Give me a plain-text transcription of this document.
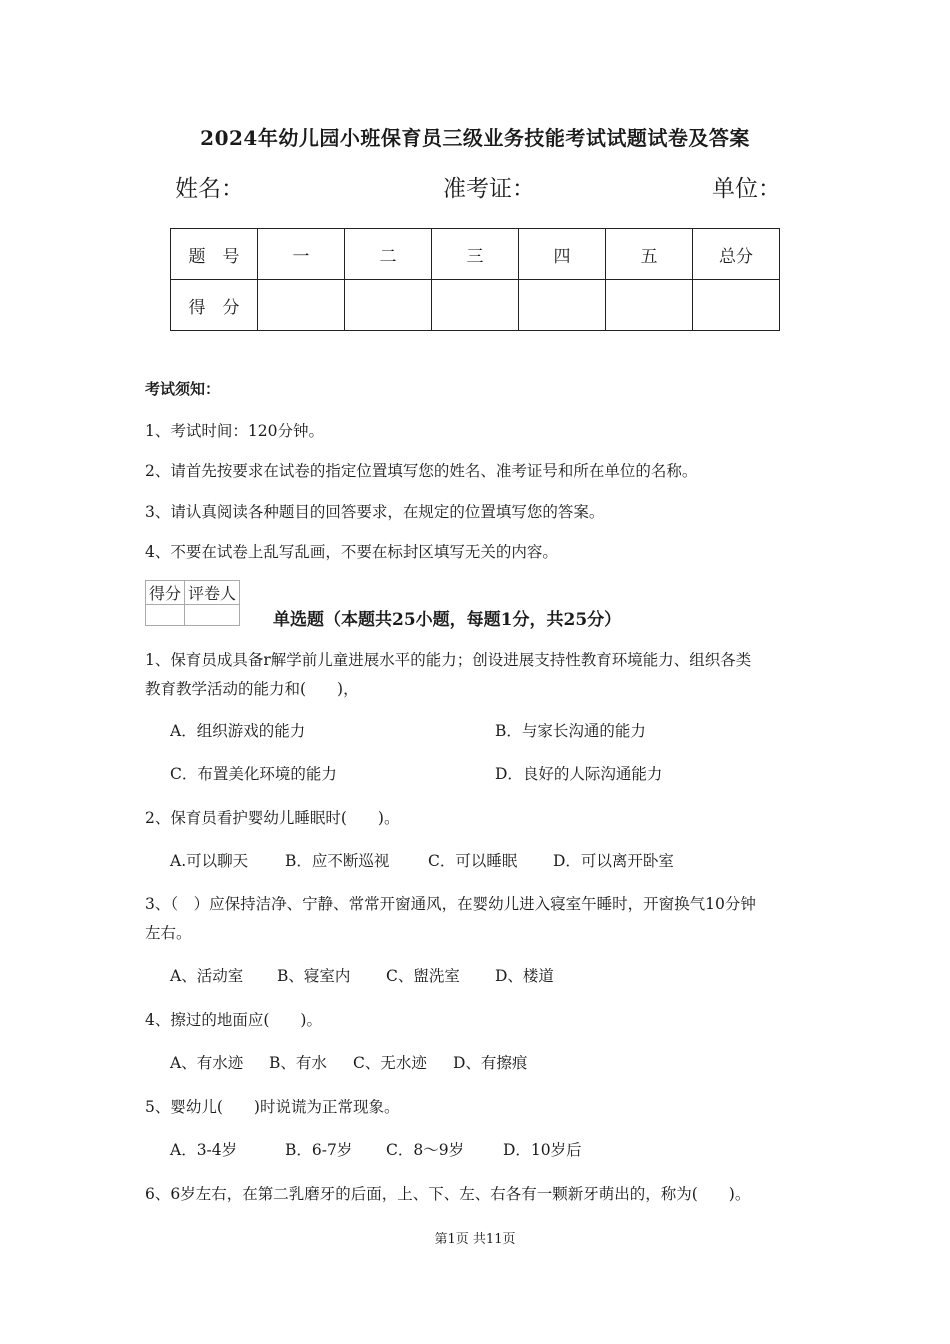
2024年幼儿园小班保育员三级业务技能考试试题试卷及答案
姓名：	准考证：	单位：
题　号	一	二	三	四	五	总分
得　分						
考试须知：
1、考试时间：120分钟。
2、请首先按要求在试卷的指定位置填写您的姓名、准考证号和所在单位的名称。
3、请认真阅读各种题目的回答要求，在规定的位置填写您的答案。
4、不要在试卷上乱写乱画，不要在标封区填写无关的内容。
得分	评卷人

单选题（本题共25小题，每题1分，共25分）
1、保育员成具备r解学前儿童进展水平的能力；创设进展支持性教育环境能力、组织各类
教育教学活动的能力和(　　)，
A．组织游戏的能力	B．与家长沟通的能力
C．布置美化环境的能力	D．良好的人际沟通能力
2、保育员看护婴幼儿睡眠时(　　)。
A.可以聊天 B．应不断巡视 C．可以睡眠 D．可以离开卧室
3、（　）应保持洁净、宁静、常常开窗通风，在婴幼儿进入寝室午睡时，开窗换气10分钟
左右。
A、活动室 B、寝室内 C、盥洗室 D、楼道
4、擦过的地面应(　　)。
A、有水迹 B、有水 C、无水迹 D、有擦痕
5、婴幼儿(　　)时说谎为正常现象。
A．3-4岁	B．6-7岁 C．8～9岁	D．10岁后
6、6岁左右，在第二乳磨牙的后面，上、下、左、右各有一颗新牙萌出的，称为(　　)。
第1页 共11页
